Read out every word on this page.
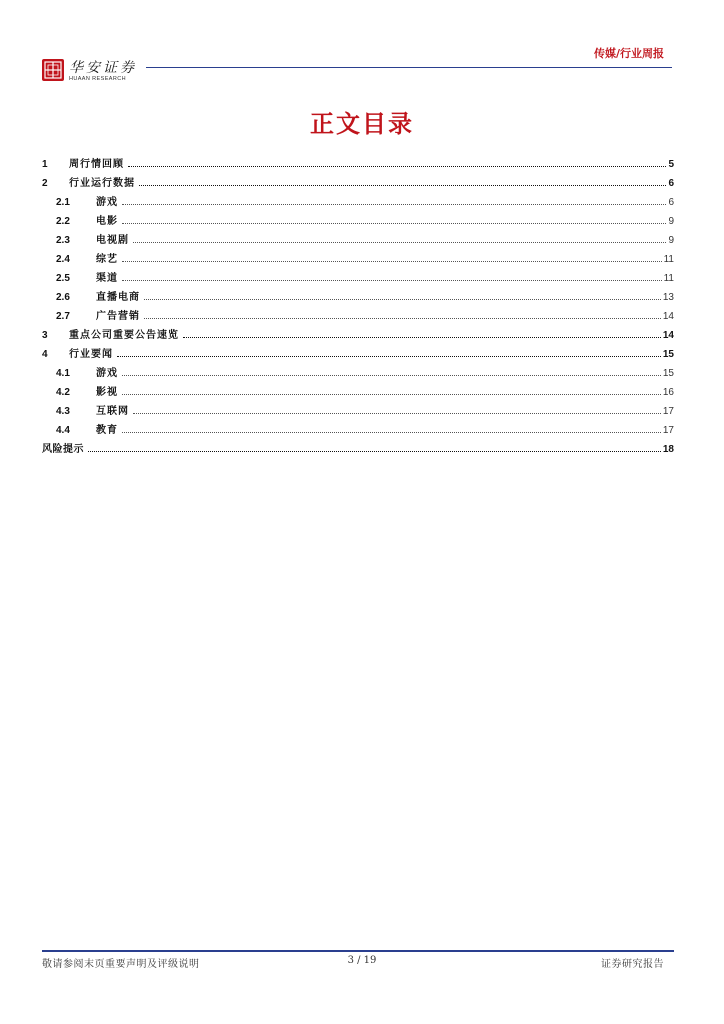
华安证券
HUAAN RESEARCH
传媒/行业周报
正文目录
1	周行情回顾	5
2	行业运行数据	6
2.1	游戏	6
2.2	电影	9
2.3	电视剧	9
2.4	综艺	11
2.5	渠道	11
2.6	直播电商	13
2.7	广告营销	14
3	重点公司重要公告速览	14
4	行业要闻	15
4.1	游戏	15
4.2	影视	16
4.3	互联网	17
4.4	教育	17
风险提示	18
敬请参阅末页重要声明及评级说明	3 / 19	证券研究报告
